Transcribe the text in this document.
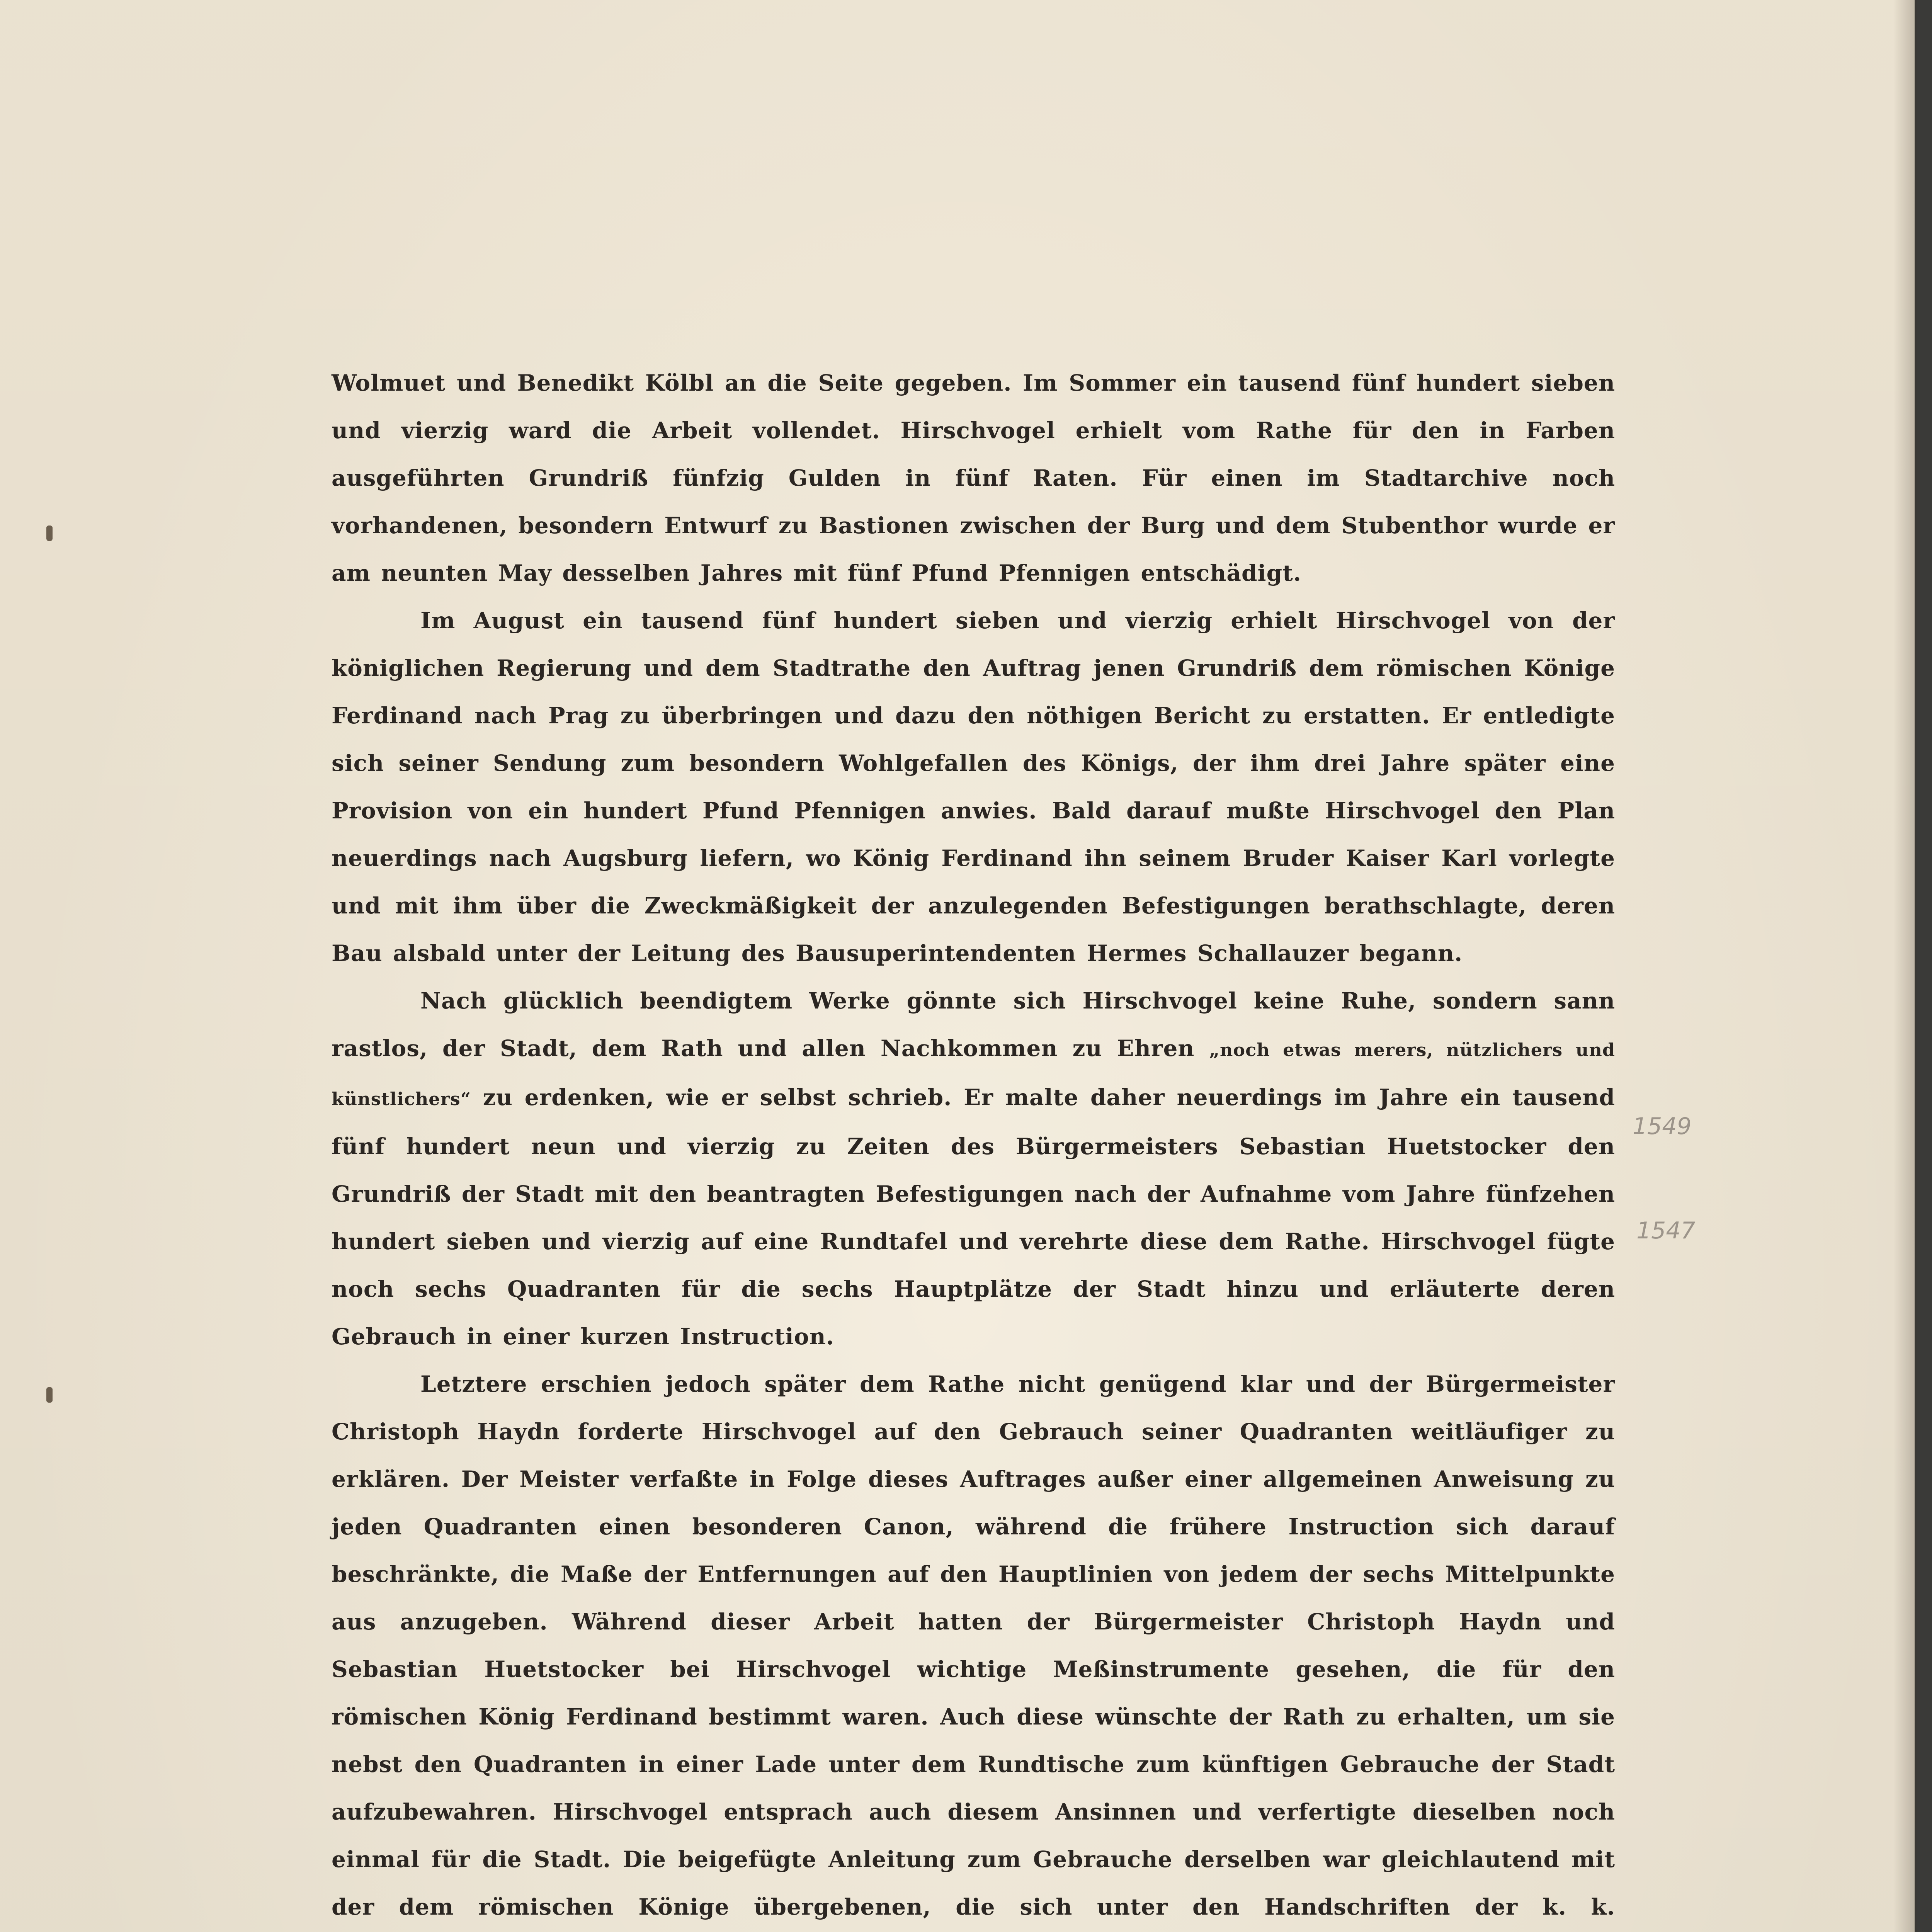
Wolmuet und Benedikt Kölbl an die Seite gegeben. Im Sommer ein tausend fünf hundert sieben und vierzig ward die Arbeit vollendet. Hirschvogel erhielt vom Rathe für den in Farben ausgeführten Grundriß fünfzig Gulden in fünf Raten. Für einen im Stadtarchive noch vorhandenen, besondern Entwurf zu Bastionen zwischen der Burg und dem Stubenthor wurde er am neunten May desselben Jahres mit fünf Pfund Pfennigen entschädigt.

Im August ein tausend fünf hundert sieben und vierzig erhielt Hirschvogel von der königlichen Regierung und dem Stadtrathe den Auftrag jenen Grundriß dem römischen Könige Ferdinand nach Prag zu überbringen und dazu den nöthigen Bericht zu erstatten. Er entledigte sich seiner Sendung zum besondern Wohlgefallen des Königs, der ihm drei Jahre später eine Provision von ein hundert Pfund Pfennigen anwies. Bald darauf mußte Hirschvogel den Plan neuerdings nach Augsburg liefern, wo König Ferdinand ihn seinem Bruder Kaiser Karl vorlegte und mit ihm über die Zweckmäßigkeit der anzulegenden Befestigungen berathschlagte, deren Bau alsbald unter der Leitung des Bausuperintendenten Hermes Schallauzer begann.

Nach glücklich beendigtem Werke gönnte sich Hirschvogel keine Ruhe, sondern sann rastlos, der Stadt, dem Rath und allen Nachkommen zu Ehren „noch etwas merers, nützlichers und künstlichers“ zu erdenken, wie er selbst schrieb. Er malte daher neuerdings im Jahre ein tausend fünf hundert neun und vierzig zu Zeiten des Bürgermeisters Sebastian Huetstocker den Grundriß der Stadt mit den beantragten Befestigungen nach der Aufnahme vom Jahre fünfzehen hundert sieben und vierzig auf eine Rundtafel und verehrte diese dem Rathe. Hirschvogel fügte noch sechs Quadranten für die sechs Hauptplätze der Stadt hinzu und erläuterte deren Gebrauch in einer kurzen Instruction.

Letztere erschien jedoch später dem Rathe nicht genügend klar und der Bürgermeister Christoph Haydn forderte Hirschvogel auf den Gebrauch seiner Quadranten weitläufiger zu erklären. Der Meister verfaßte in Folge dieses Auftrages außer einer allgemeinen Anweisung zu jeden Quadranten einen besonderen Canon, während die frühere Instruction sich darauf beschränkte, die Maße der Entfernungen auf den Hauptlinien von jedem der sechs Mittelpunkte aus anzugeben. Während dieser Arbeit hatten der Bürgermeister Christoph Haydn und Sebastian Huetstocker bei Hirschvogel wichtige Meßinstrumente gesehen, die für den römischen König Ferdinand bestimmt waren. Auch diese wünschte der Rath zu erhalten, um sie nebst den Quadranten in einer Lade unter dem Rundtische zum künftigen Gebrauche der Stadt aufzubewahren. Hirschvogel entsprach auch diesem Ansinnen und verfertigte dieselben noch einmal für die Stadt. Die beigefügte Anleitung zum Gebrauche derselben war gleichlautend mit der dem römischen Könige übergebenen, die sich unter den Handschriften der k. k.

1549
1547
